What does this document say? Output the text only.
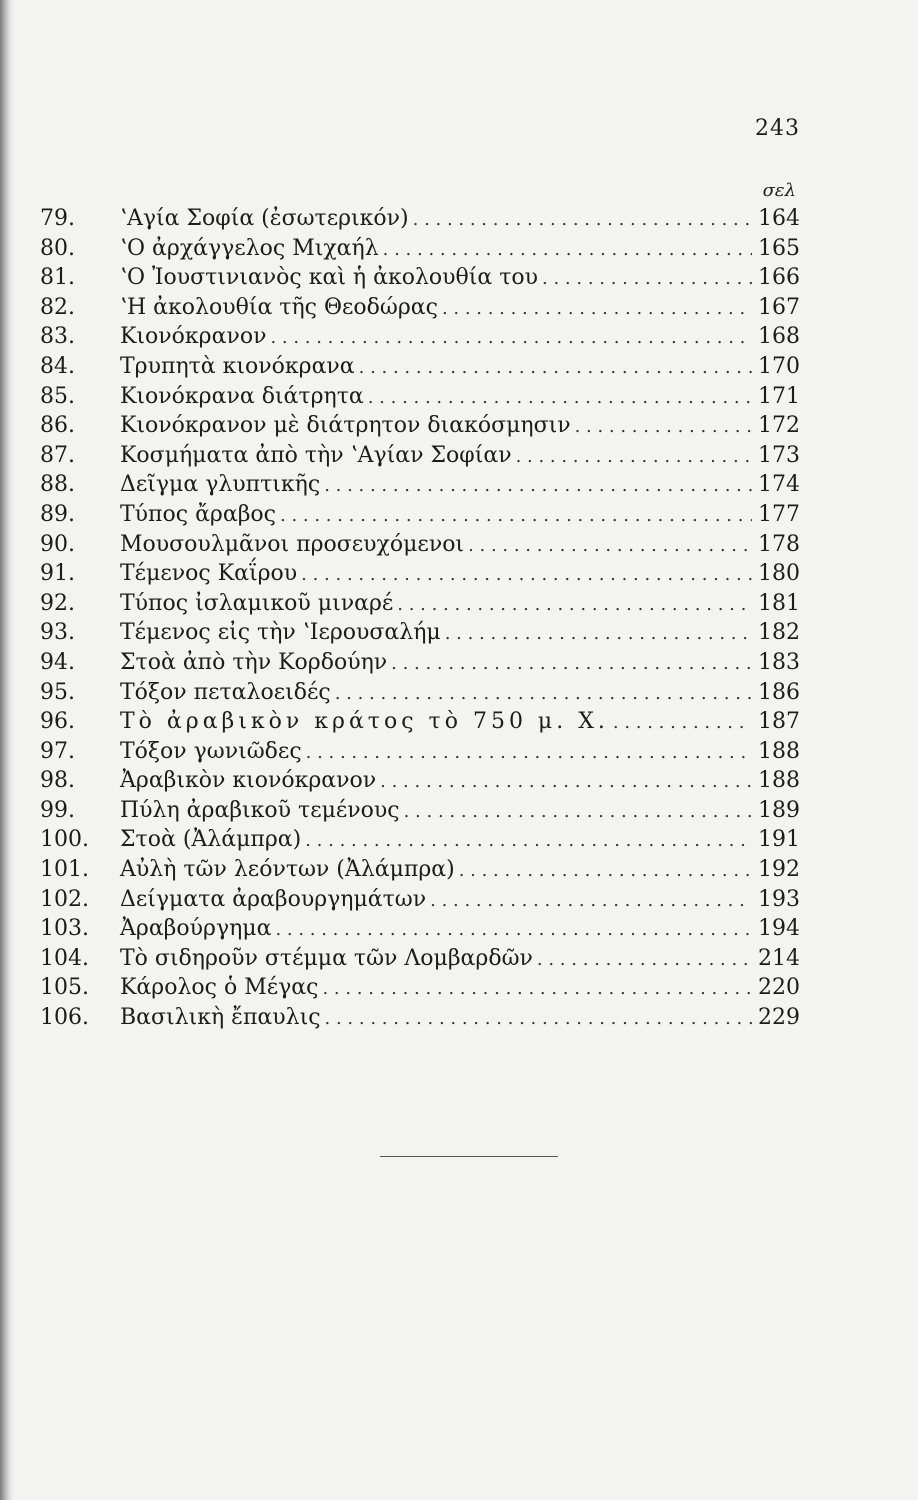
243
σελ
79.	ʽΑγία Σοφία (ἐσωτερικόν) . . .	164
80.	ʽΟ ἀρχάγγελος Μιχαήλ . . .	165
81.	ʽΟ Ἰουστινιανὸς καὶ ἡ ἀκολουθία του . . .	166
82.	ʽΗ ἀκολουθία τῆς Θεοδώρας . . .	167
83.	Κιονόκρανον . . .	168
84.	Τρυπητὰ κιονόκρανα . . .	170
85.	Κιονόκρανα διάτρητα . . .	171
86.	Κιονόκρανον μὲ διάτρητον διακόσμησιν . . .	172
87.	Κοσμήματα ἀπὸ τὴν ʽΑγίαν Σοφίαν . . .	173
88.	Δεῖγμα γλυπτικῆς . . .	174
89.	Τύπος ἄραβος . . .	177
90.	Μουσουλμᾶνοι προσευχόμενοι . . .	178
91.	Τέμενος Καΐρου . . .	180
92.	Τύπος ἰσλαμικοῦ μιναρέ . . .	181
93.	Τέμενος εἰς τὴν ʽΙερουσαλήμ . . .	182
94.	Στοὰ ἀπὸ τὴν Κορδούην . . .	183
95.	Τόξον πεταλοειδές . . .	186
96.	Τὸ ἀραβικὸν κράτος τὸ 750 μ. Χ. . . .	187
97.	Τόξον γωνιῶδες . . .	188
98.	Ἀραβικὸν κιονόκρανον . . .	188
99.	Πύλη ἀραβικοῦ τεμένους . . .	189
100.	Στοὰ (Ἀλάμπρα) . . .	191
101.	Αὐλὴ τῶν λεόντων (Ἀλάμπρα) . . .	192
102.	Δείγματα ἀραβουργημάτων . . .	193
103.	Ἀραβούργημα . . .	194
104.	Τὸ σιδηροῦν στέμμα τῶν Λομβαρδῶν . . .	214
105.	Κάρολος ὁ Μέγας . . .	220
106.	Βασιλικὴ ἔπαυλις . . .	229
